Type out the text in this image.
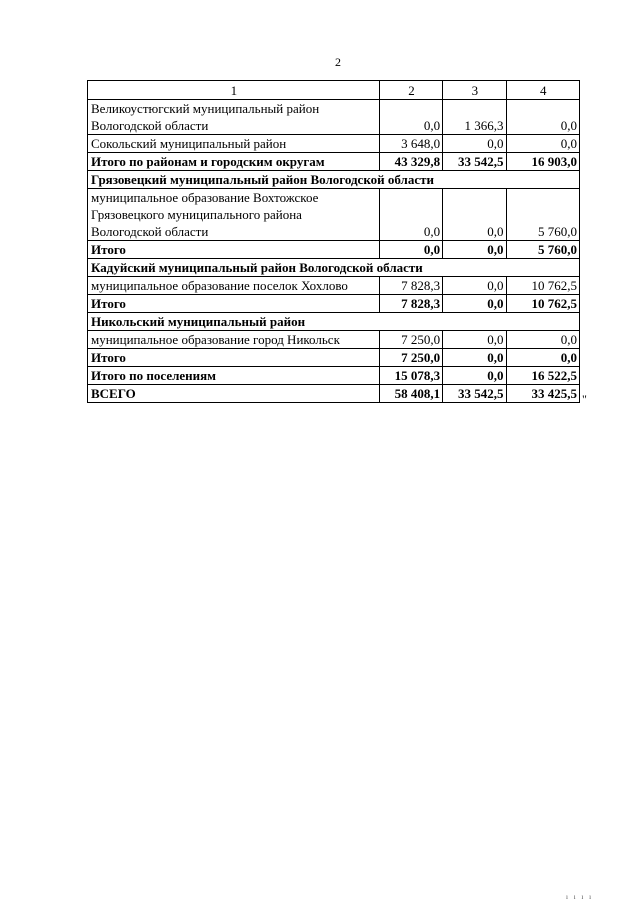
2
1	2	3	4

Великоустюгский муниципальный район
Вологодской области	0,0	1 366,3	0,0
Сокольский муниципальный район	3 648,0	0,0	0,0
Итого по районам и городским округам	43 329,8	33 542,5	16 903,0
Грязовецкий муниципальный район Вологодской области			

муниципальное образование Вохтожское
Грязовецкого муниципального района
Вологодской области	0,0	0,0	5 760,0
Итого	0,0	0,0	5 760,0
Кадуйский муниципальный район Вологодской области			
муниципальное образование поселок Хохлово	7 828,3	0,0	10 762,5
Итого	7 828,3	0,0	10 762,5
Никольский муниципальный район			
муниципальное образование город Никольск	7 250,0	0,0	0,0
Итого	7 250,0	0,0	0,0
Итого по поселениям	15 078,3	0,0	16 522,5
ВСЕГО	58 408,1	33 542,5	33 425,5 "
ı ı ı ı
